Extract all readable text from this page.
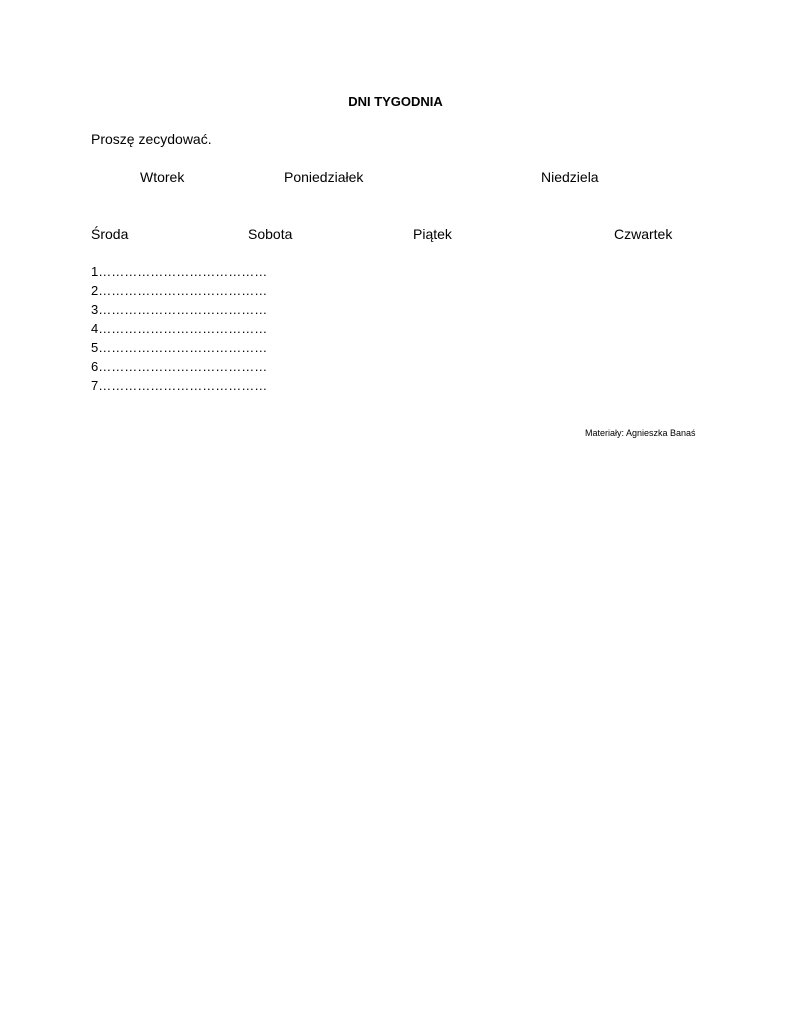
DNI TYGODNIA
Proszę zecydować.
Wtorek	Poniedziałek	Niedziela
Środa	Sobota	Piątek	Czwartek
1…………………………………
2…………………………………
3…………………………………
4…………………………………
5…………………………………
6…………………………………
7…………………………………
Materiały: Agnieszka Banaś
